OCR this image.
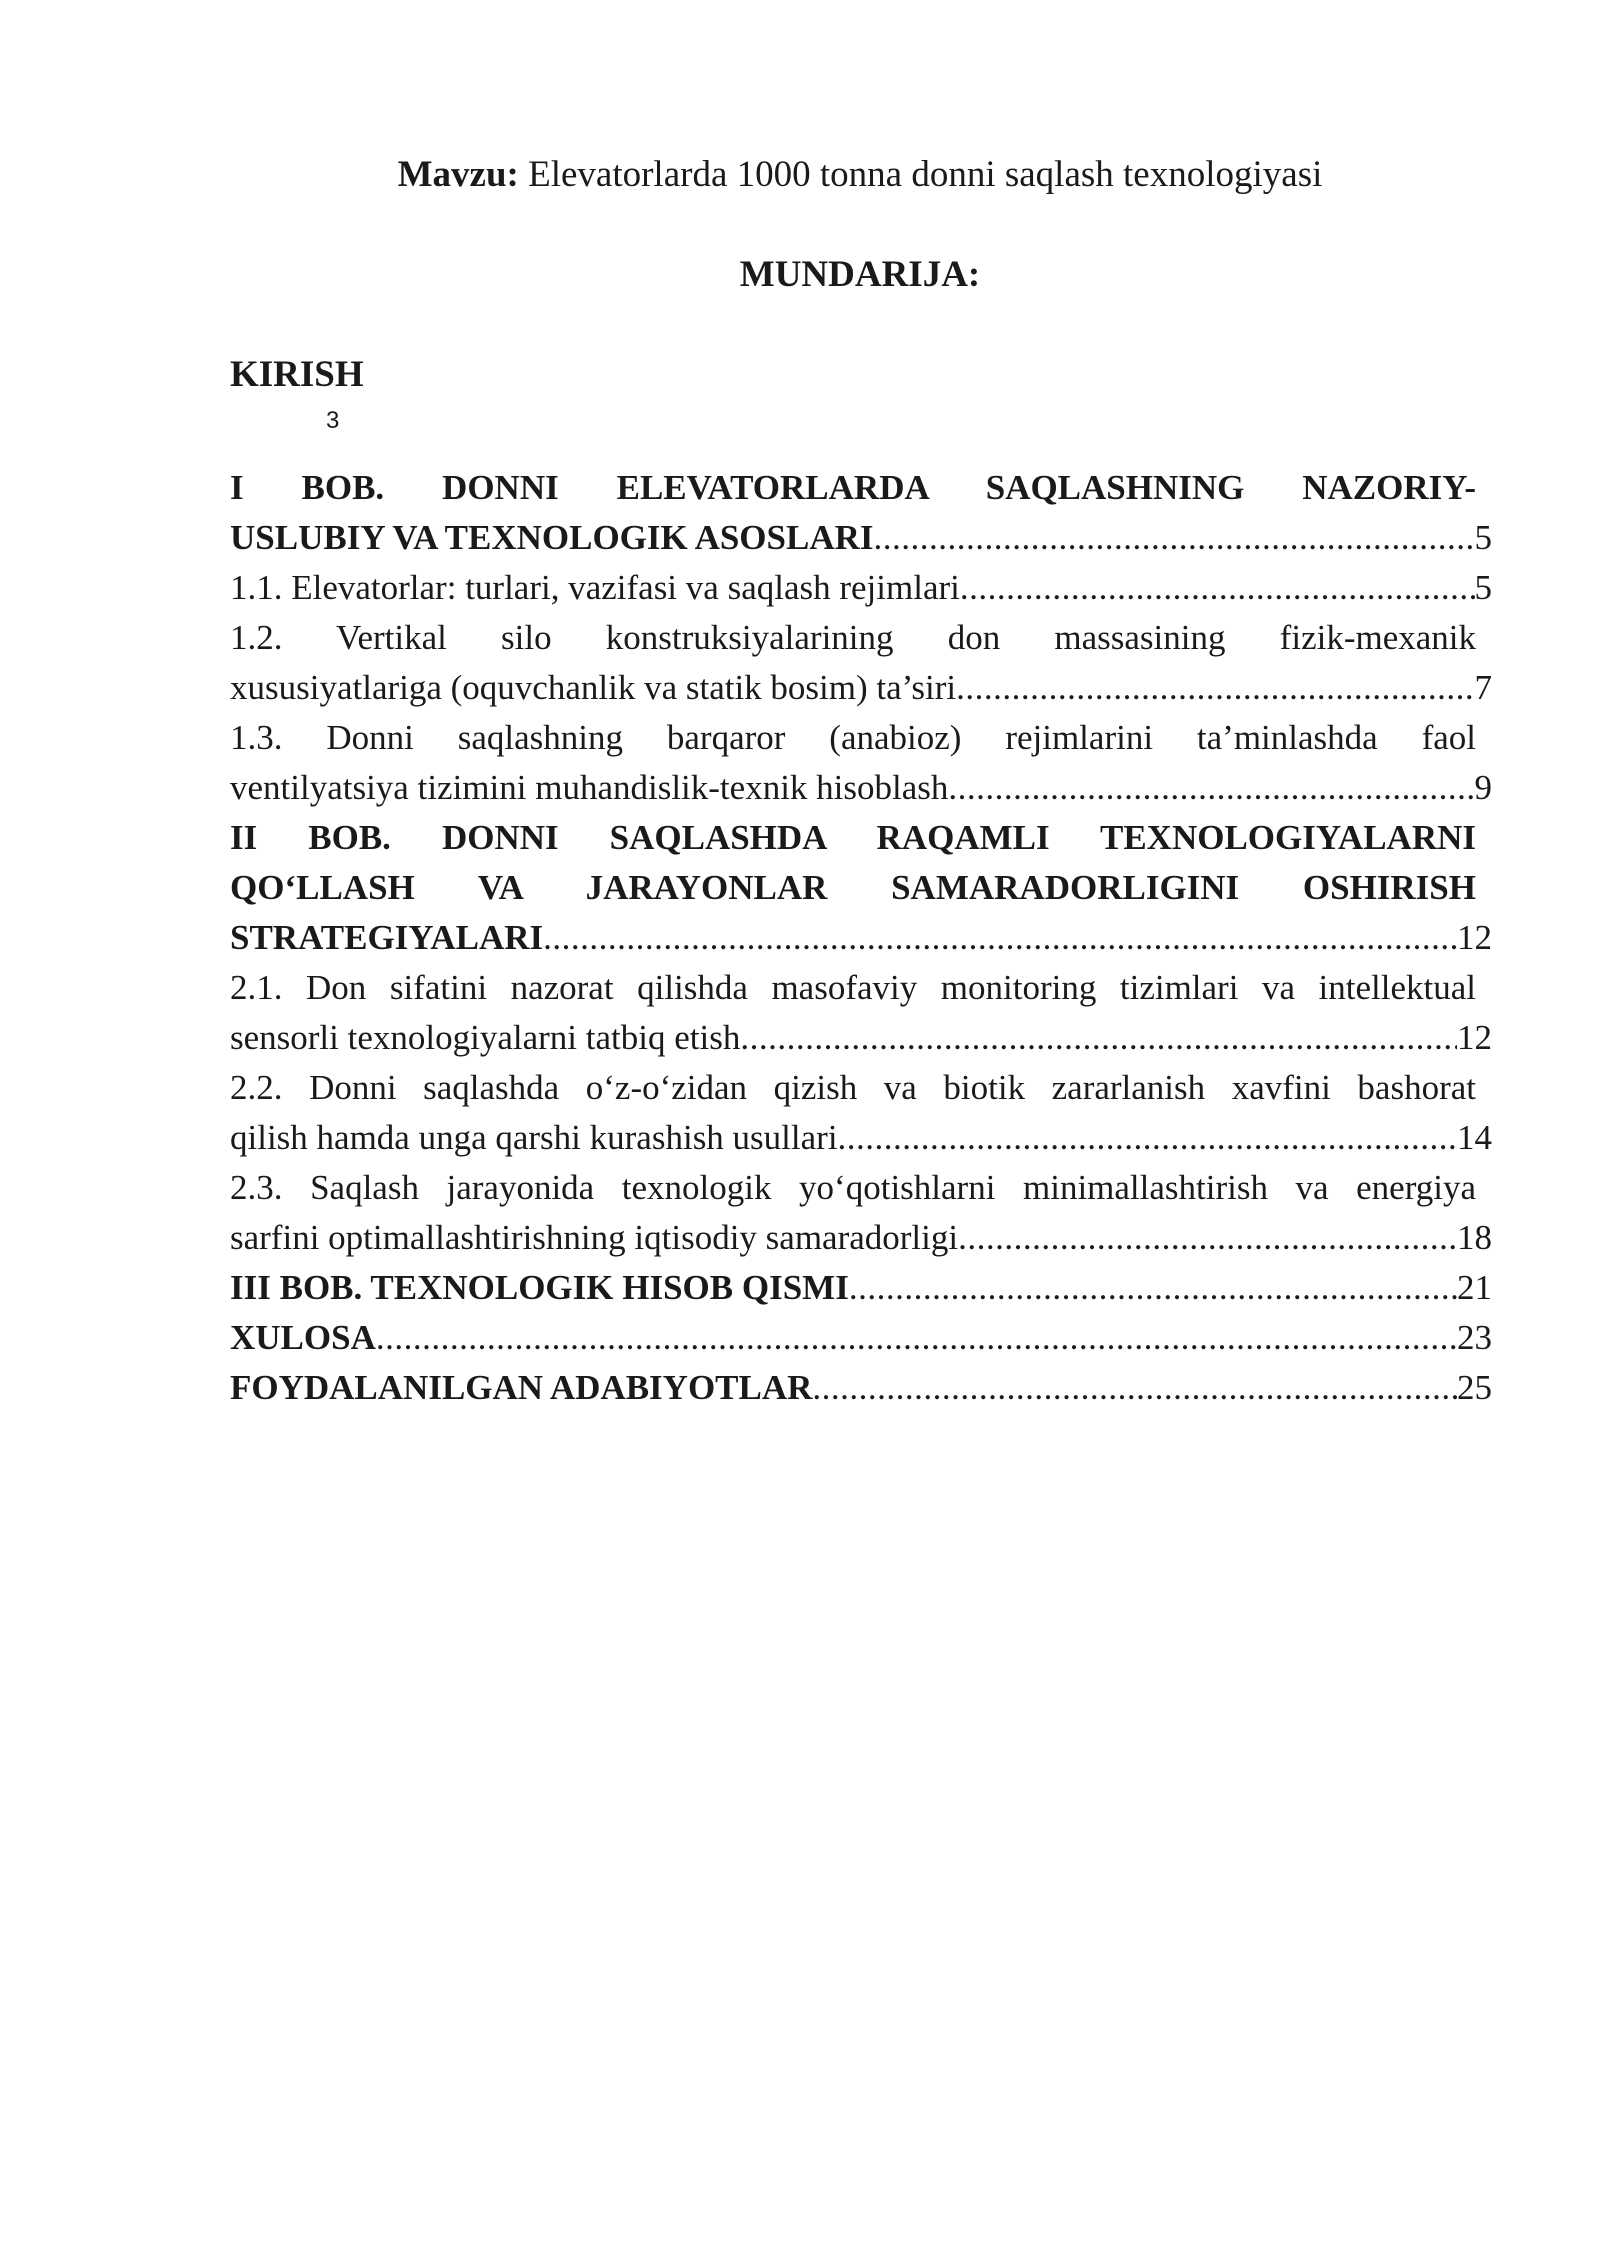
Mavzu: Elevatorlarda 1000 tonna donni saqlash texnologiyasi
MUNDARIJA:
KIRISH
3
I BOB. DONNI ELEVATORLARDA SAQLASHNING NAZORIY-
USLUBIY VA TEXNOLOGIK ASOSLARI .....	5
1.1. Elevatorlar: turlari, vazifasi va saqlash rejimlari .....	5
1.2. Vertikal silo konstruksiyalarining don massasining fizik-mexanik
xususiyatlariga (oquvchanlik va statik bosim) ta’siri .....	7
1.3. Donni saqlashning barqaror (anabioz) rejimlarini ta’minlashda faol
ventilyatsiya tizimini muhandislik-texnik hisoblash .....	9
II BOB. DONNI SAQLASHDA RAQAMLI TEXNOLOGIYALARNI
QO‘LLASH VA JARAYONLAR SAMARADORLIGINI OSHIRISH
STRATEGIYALARI .....	12
2.1. Don sifatini nazorat qilishda masofaviy monitoring tizimlari va intellektual
sensorli texnologiyalarni tatbiq etish .....	12
2.2. Donni saqlashda o‘z-o‘zidan qizish va biotik zararlanish xavfini bashorat
qilish hamda unga qarshi kurashish usullari .....	14
2.3. Saqlash jarayonida texnologik yo‘qotishlarni minimallashtirish va energiya
sarfini optimallashtirishning iqtisodiy samaradorligi .....	18
III BOB. TEXNOLOGIK HISOB QISMI .....	21
XULOSA .....	23
FOYDALANILGAN ADABIYOTLAR .....	25
